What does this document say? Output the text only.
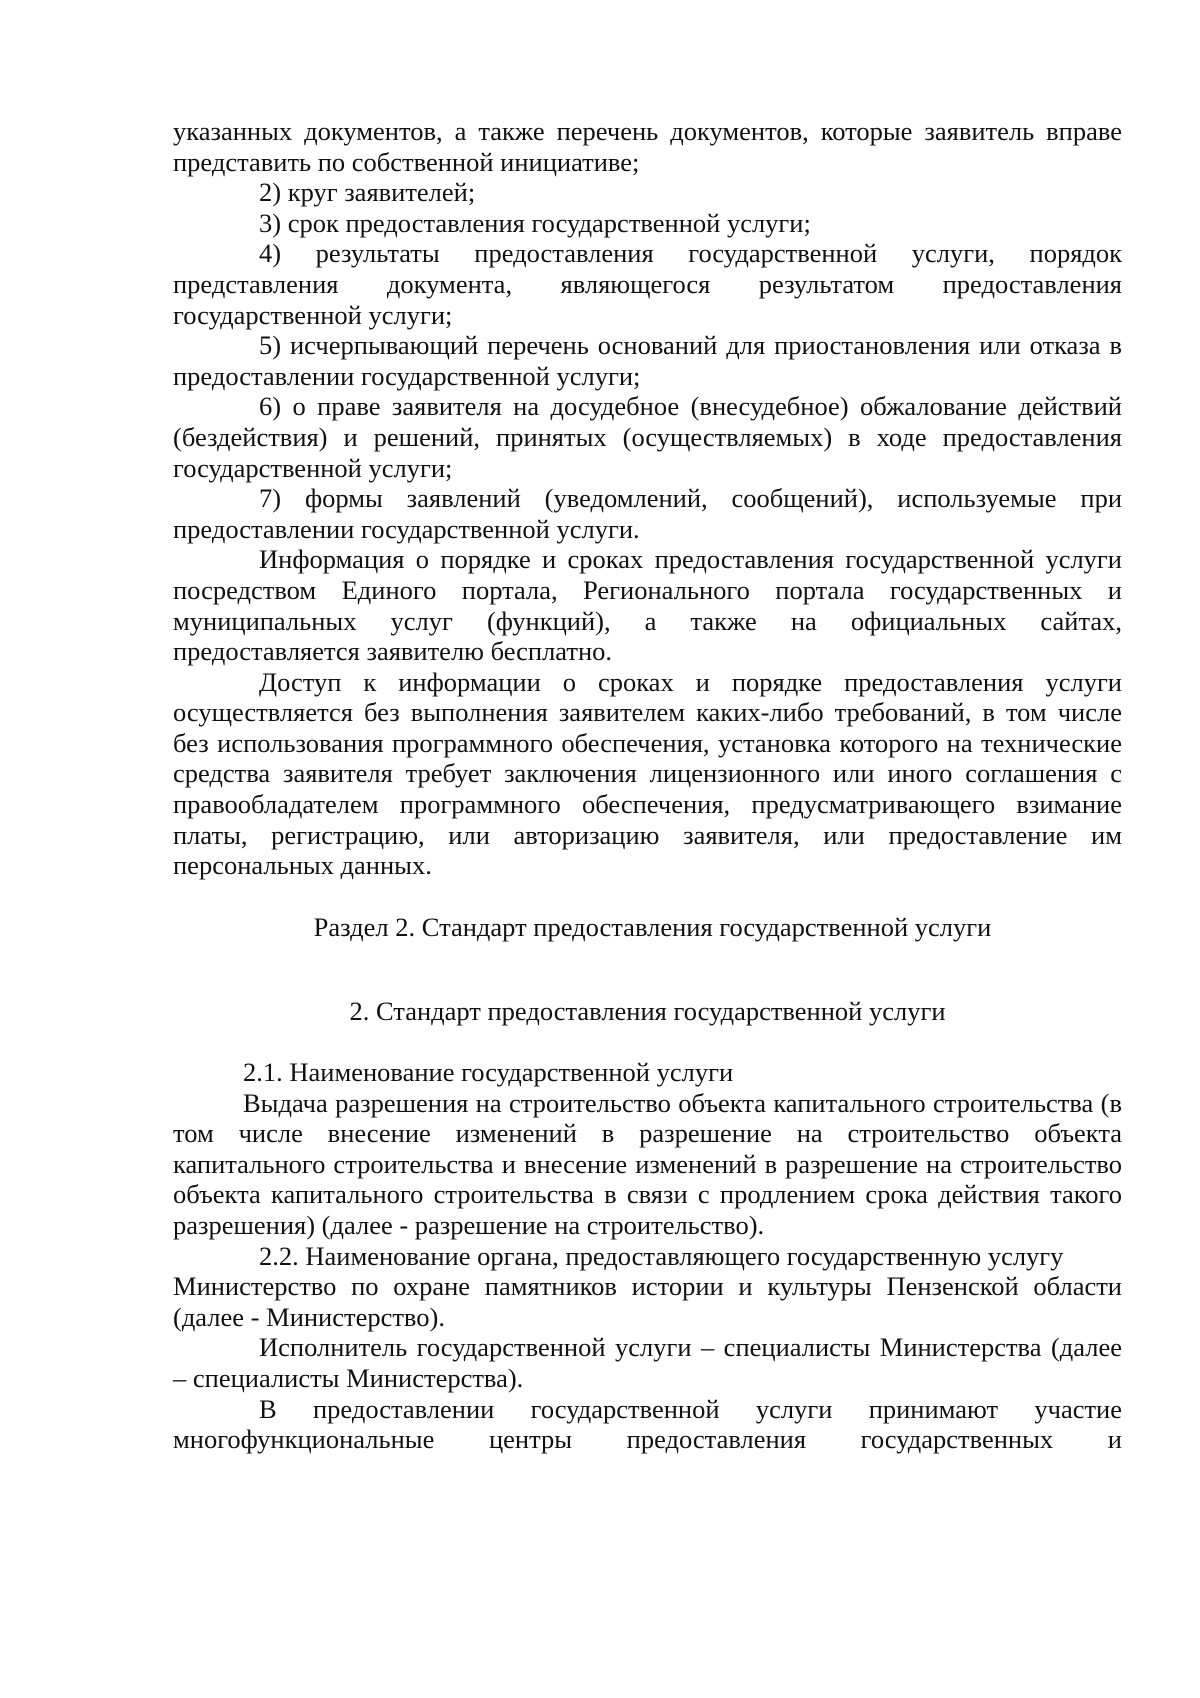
указанных документов, а также перечень документов, которые заявитель вправе представить по собственной инициативе;

2) круг заявителей;

3) срок предоставления государственной услуги;

4) результаты предоставления государственной услуги, порядок представления документа, являющегося результатом предоставления государственной услуги;

5) исчерпывающий перечень оснований для приостановления или отказа в предоставлении государственной услуги;

6) о праве заявителя на досудебное (внесудебное) обжалование действий (бездействия) и решений, принятых (осуществляемых) в ходе предоставления государственной услуги;

7) формы заявлений (уведомлений, сообщений), используемые при предоставлении государственной услуги.

Информация о порядке и сроках предоставления государственной услуги посредством Единого портала, Регионального портала государственных и муниципальных услуг (функций), а также на официальных сайтах, предоставляется заявителю бесплатно.

Доступ к информации о сроках и порядке предоставления услуги осуществляется без выполнения заявителем каких-либо требований, в том числе без использования программного обеспечения, установка которого на технические средства заявителя требует заключения лицензионного или иного соглашения с правообладателем программного обеспечения, предусматривающего взимание платы, регистрацию, или авторизацию заявителя, или предоставление им персональных данных.

Раздел 2. Стандарт предоставления государственной услуги

2. Стандарт предоставления государственной услуги

2.1. Наименование государственной услуги

Выдача разрешения на строительство объекта капитального строительства (в том числе внесение изменений в разрешение на строительство объекта капитального строительства и внесение изменений в разрешение на строительство объекта капитального строительства в связи с продлением срока действия такого разрешения) (далее - разрешение на строительство).

2.2. Наименование органа, предоставляющего государственную услугу

Министерство по охране памятников истории и культуры Пензенской области (далее - Министерство).

Исполнитель государственной услуги – специалисты Министерства (далее – специалисты Министерства).

В предоставлении государственной услуги принимают участие многофункциональные центры предоставления государственных и
